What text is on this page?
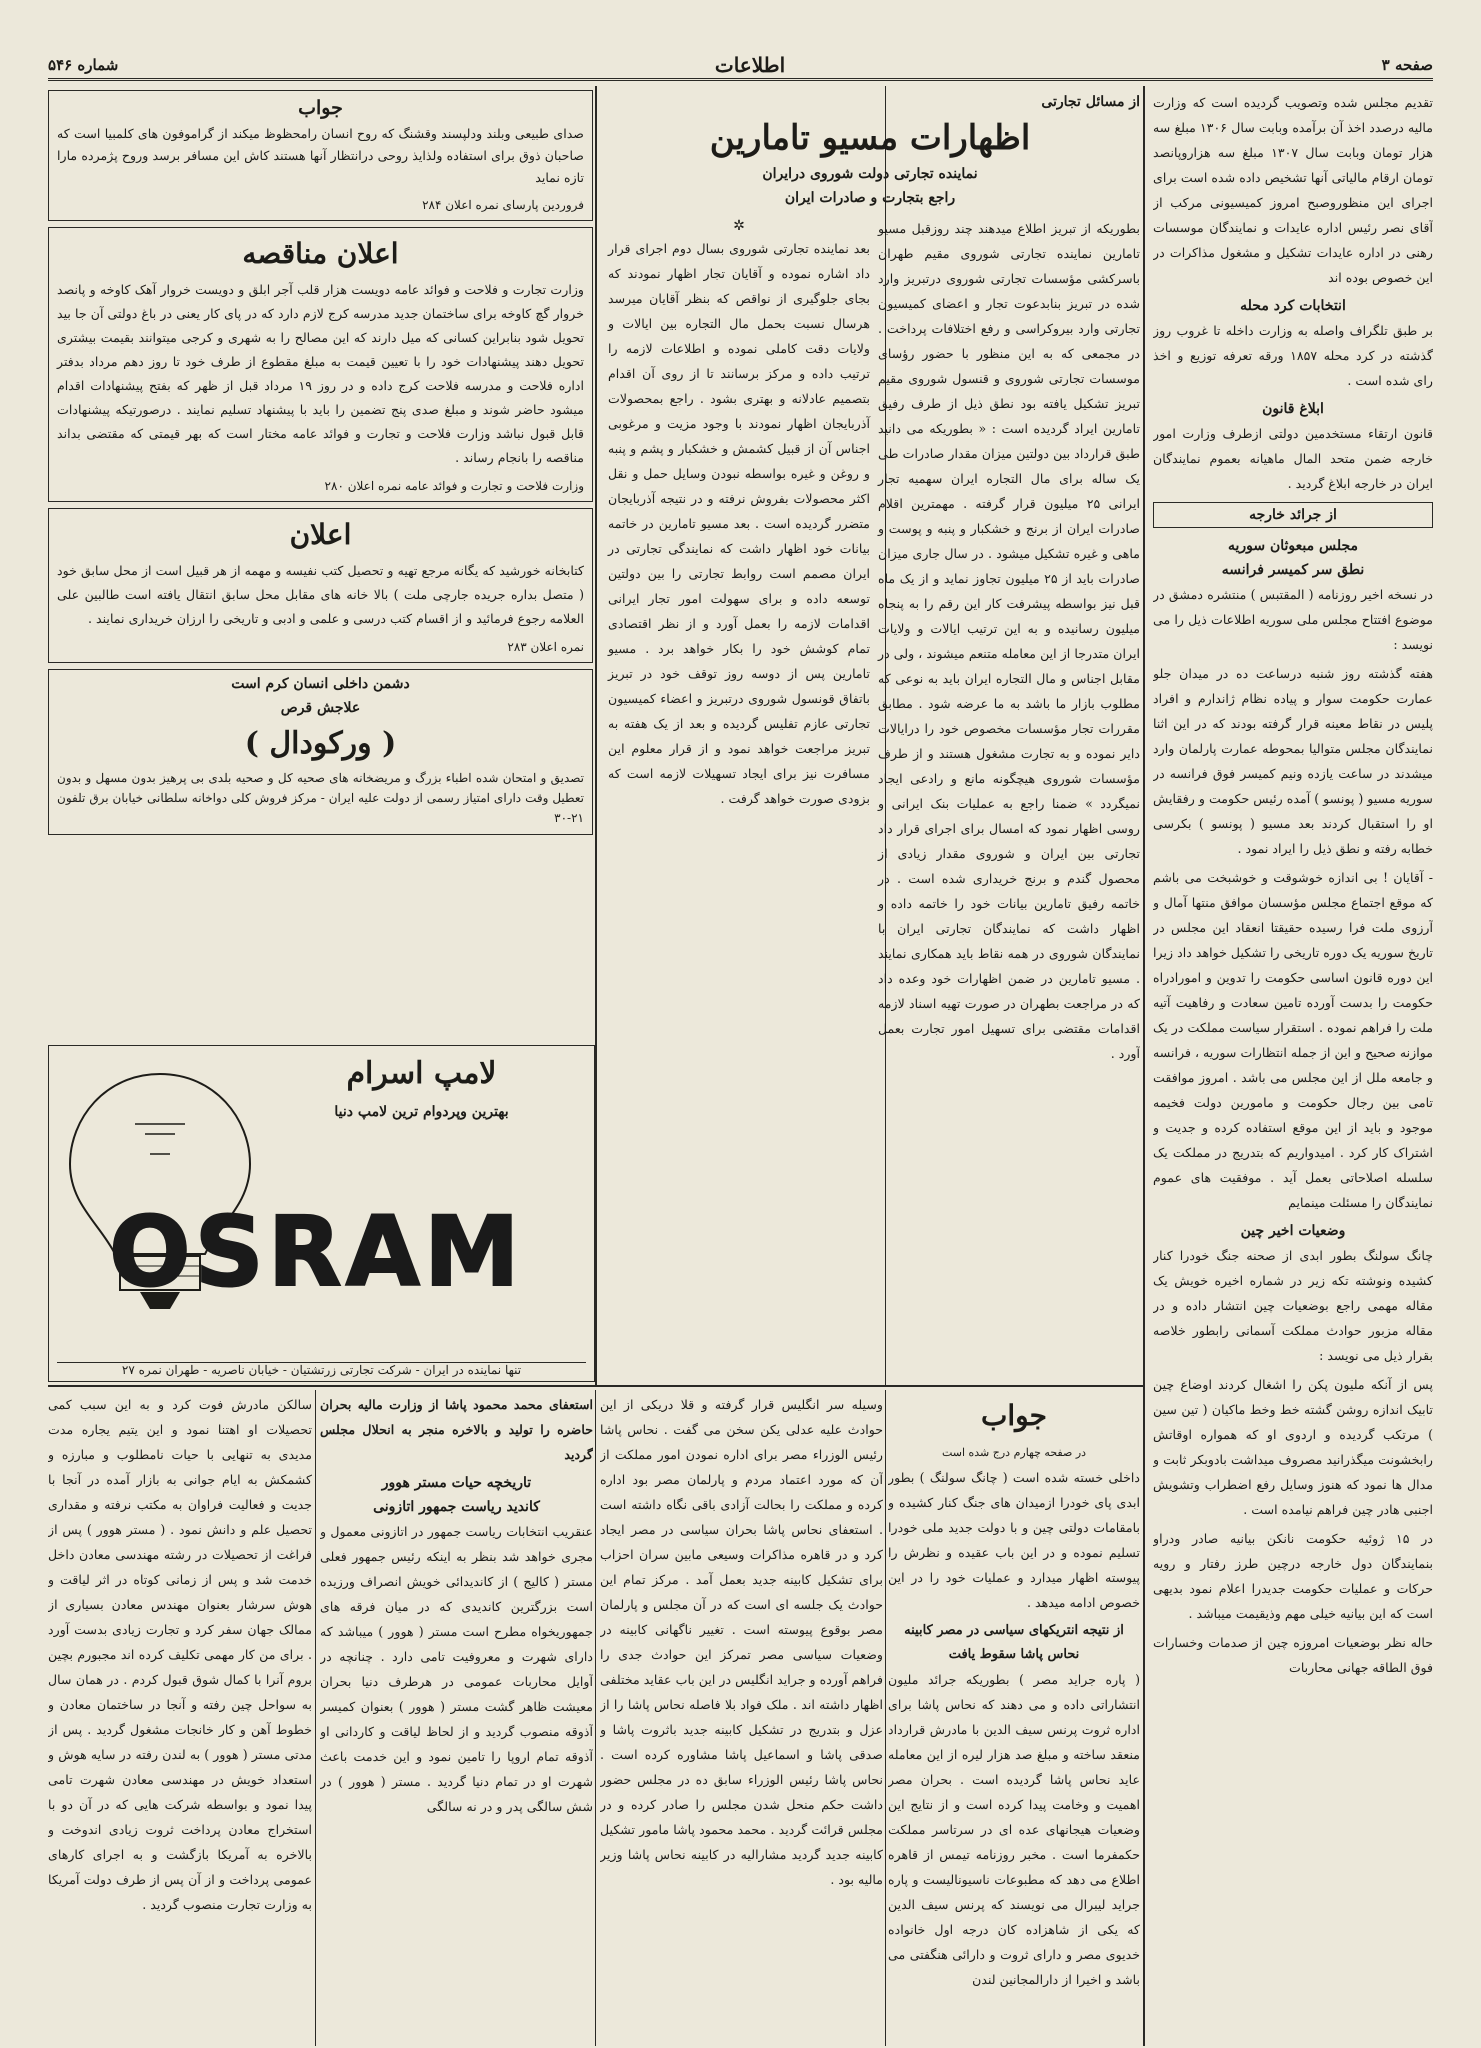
صفحه ۳
اطلاعات
شماره ۵۴۶

تقدیم مجلس شده وتصویب گردیده است که وزارت مالیه درصدد اخذ آن برآمده وبابت سال ۱۳۰۶ مبلغ سه هزار تومان وبابت سال ۱۳۰۷ مبلغ سه هزاروپانصد تومان ارقام مالیاتی آنها تشخیص داده شده است برای اجرای این منظوروصبح امروز کمیسیونی مرکب از آقای نصر رئیس اداره عایدات و نمایندگان موسسات رهنی در اداره عایدات تشکیل و مشغول مذاکرات در این خصوص بوده اند

انتخابات کرد محله

بر طبق تلگراف واصله به وزارت داخله تا غروب روز گذشته در کرد محله ۱۸۵۷ ورقه تعرفه توزیع و اخذ رای شده است .

ابلاغ قانون

قانون ارتقاء مستخدمین دولتی ازطرف وزارت امور خارجه ضمن متحد المال ماهیانه بعموم نمایندگان ایران در خارجه ابلاغ گردید .

از جرائد خارجه
مجلس مبعوثان سوریه
نطق سر کمیسر فرانسه

در نسخه اخیر روزنامه ( المقتبس ) منتشره دمشق در موضوع افتتاح مجلس ملی سوریه اطلاعات ذیل را می نویسد :

هفته گذشته روز شنبه درساعت ده در میدان جلو عمارت حکومت سوار و پیاده نظام ژاندارم و افراد پلیس در نقاط معینه قرار گرفته بودند که در این اثنا نمایندگان مجلس متوالیا بمحوطه عمارت پارلمان وارد میشدند در ساعت یازده ونیم کمیسر فوق فرانسه در سوریه مسیو ( پونسو ) آمده رئیس حکومت و رفقایش او را استقبال کردند بعد مسیو ( پونسو ) بکرسی خطابه رفته و نطق ذیل را ایراد نمود .

- آقایان ! بی اندازه خوشوقت و خوشبخت می باشم که موقع اجتماع مجلس مؤسسان موافق منتها آمال و آرزوی ملت فرا رسیده حقیقتا انعقاد این مجلس در تاریخ سوریه یک دوره تاریخی را تشکیل خواهد داد زیرا این دوره قانون اساسی حکومت را تدوین و امورادراه حکومت را بدست آورده تامین سعادت و رفاهیت آتیه ملت را فراهم نموده . استقرار سیاست مملکت در یک موازنه صحیح و این از جمله انتظارات سوریه ، فرانسه و جامعه ملل از این مجلس می باشد . امروز موافقت تامی بین رجال حکومت و مامورین دولت فخیمه موجود و باید از این موقع استفاده کرده و جدیت و اشتراک کار کرد . امیدواریم که بتدریج در مملکت یک سلسله اصلاحاتی بعمل آید . موفقیت های عموم نمایندگان را مسئلت مینمایم

وضعیات اخیر چین

چانگ سولنگ بطور ابدی از صحنه جنگ خودرا کنار کشیده ونوشته تکه زیر در شماره اخیره خویش یک مقاله مهمی راجع بوضعیات چین انتشار داده و در مقاله مزبور حوادث مملکت آسمانی رابطور خلاصه بقرار ذیل می نویسد :

پس از آنکه ملیون پکن را اشغال کردند اوضاع چین تابیک اندازه روشن گشته خط وخط ماکیان ( تین سین ) مرتکب گردیده و اردوی او که همواره اوقاتش رابخشونت میگذرانید مصروف میداشت بادوبکر ثابت و مدال ها نمود که هنوز وسایل رفع اضطراب وتشویش اجنبی هادر چین فراهم نیامده است .

در ۱۵ ژوئیه حکومت نانکن بیانیه صادر ودراو بنمایندگان دول خارجه درچین طرز رفتار و رویه حرکات و عملیات حکومت جدیدرا اعلام نمود بدیهی است که این بیانیه خیلی مهم وذیقیمت میباشد .

حاله نظر بوضعیات امروزه چین از صدمات وخسارات فوق الطاقه جهانی محاربات

از مسائل تجارتی
اظهارات مسیو تامارین
نماینده تجارتی دولت شوروی درایران
راجع بتجارت و صادرات ایران

بطوریکه از تبریز اطلاع میدهند چند روزقبل مسیو تامارین نماینده تجارتی شوروی مقیم طهران باسرکشی مؤسسات تجارتی شوروی درتبریز وارد شده در تبریز بنابدعوت تجار و اعضای کمیسیون تجارتی وارد بیروکراسی و رفع اختلافات پرداخت . در مجمعی که به این منظور با حضور رؤسای موسسات تجارتی شوروی و قنسول شوروی مقیم تبریز تشکیل یافته بود نطق ذیل از طرف رفیق تامارین ایراد گردیده است : « بطوریکه می دانید طبق قرارداد بین دولتین میزان مقدار صادرات طی یک ساله برای مال التجاره ایران سهمیه تجار ایرانی ۲۵ میلیون قرار گرفته . مهمترین اقلام صادرات ایران از برنج و خشکبار و پنبه و پوست و ماهی و غیره تشکیل میشود . در سال جاری میزان صادرات باید از ۲۵ میلیون تجاوز نماید و از یک ماه قبل نیز بواسطه پیشرفت کار این رقم را به پنجاه میلیون رسانیده و به این ترتیب ایالات و ولایات ایران متدرجا از این معامله متنعم میشوند ، ولی در مقابل اجناس و مال التجاره ایران باید به نوعی که مطلوب بازار ما باشد به ما عرضه شود . مطابق مقررات تجار مؤسسات مخصوص خود را درایالات دایر نموده و به تجارت مشغول هستند و از طرف مؤسسات شوروی هیچگونه مانع و رادعی ایجاد نمیگردد » ضمنا راجع به عملیات بنک ایرانی و روسی اظهار نمود که امسال برای اجرای قرار داد تجارتی بین ایران و شوروی مقدار زیادی از محصول گندم و برنج خریداری شده است . در خاتمه رفیق تامارین بیانات خود را خاتمه داده و اظهار داشت که نمایندگان تجارتی ایران با نمایندگان شوروی در همه نقاط باید همکاری نمایند . مسیو تامارین در ضمن اظهارات خود وعده داد که در مراجعت بطهران در صورت تهیه اسناد لازمه اقدامات مقتضی برای تسهیل امور تجارت بعمل آورد .

✲

بعد نماینده تجارتی شوروی بسال دوم اجرای قرار داد اشاره نموده و آقایان تجار اظهار نمودند که بجای جلوگیری از نواقص که بنظر آقایان میرسد هرسال نسبت بحمل مال التجاره بین ایالات و ولایات دقت کاملی نموده و اطلاعات لازمه را ترتیب داده و مرکز برسانند تا از روی آن اقدام بتصمیم عادلانه و بهتری بشود . راجع بمحصولات آذربایجان اظهار نمودند با وجود مزیت و مرغوبی اجناس آن از قبیل کشمش و خشکبار و پشم و پنبه و روغن و غیره بواسطه نبودن وسایل حمل و نقل اکثر محصولات بفروش نرفته و در نتیجه آذربایجان متضرر گردیده است . بعد مسیو تامارین در خاتمه بیانات خود اظهار داشت که نمایندگی تجارتی در ایران مصمم است روابط تجارتی را بین دولتین توسعه داده و برای سهولت امور تجار ایرانی اقدامات لازمه را بعمل آورد و از نظر اقتصادی تمام کوشش خود را بکار خواهد برد . مسیو تامارین پس از دوسه روز توقف خود در تبریز باتفاق قونسول شوروی درتبریز و اعضاء کمیسیون تجارتی عازم تفلیس گردیده و بعد از یک هفته به تبریز مراجعت خواهد نمود و از قرار معلوم این مسافرت نیز برای ایجاد تسهیلات لازمه است که بزودی صورت خواهد گرفت .

جواب

صدای طبیعی وبلند ودلپسند وقشنگ که روح انسان رامحظوظ میکند از گراموفون های کلمبیا است که صاحبان ذوق برای استفاده ولذایذ روحی درانتظار آنها هستند کاش این مسافر برسد وروح پژمرده مارا تازه نماید

فروردین پارسای نمره اعلان ۲۸۴
اعلان مناقصه

وزارت تجارت و فلاحت و فوائد عامه دویست هزار قلب آجر ابلق و دویست خروار آهک کاوخه و پانصد خروار گچ کاوخه برای ساختمان جدید مدرسه کرج لازم دارد که در پای کار یعنی در باغ دولتی آن جا بید تحویل شود بنابراین کسانی که میل دارند که این مصالح را به شهری و کرجی میتوانند بقیمت بیشتری تحویل دهند پیشنهادات خود را با تعیین قیمت به مبلغ مقطوع از طرف خود تا روز دهم مرداد بدفتر اداره فلاحت و مدرسه فلاحت کرج داده و در روز ۱۹ مرداد قبل از ظهر که بفتح پیشنهادات اقدام میشود حاضر شوند و مبلغ صدی پنج تضمین را باید با پیشنهاد تسلیم نمایند . درصورتیکه پیشنهادات قابل قبول نباشد وزارت فلاحت و تجارت و فوائد عامه مختار است که بهر قیمتی که مقتضی بداند مناقصه را بانجام رساند .

وزارت فلاحت و تجارت و فوائد عامه نمره اعلان ۲۸۰
اعلان

کتابخانه خورشید که یگانه مرجع تهیه و تحصیل کتب نفیسه و مهمه از هر قبیل است از محل سابق خود ( متصل بداره جریده جارچی ملت ) بالا خانه های مقابل محل سابق انتقال یافته است طالبین علی العلامه رجوع فرمائید و از اقسام کتب درسی و علمی و ادبی و تاریخی را ارزان خریداری نمایند .

نمره اعلان ۲۸۳
دشمن داخلی انسان کرم است
علاجش قرص
( ورکودال )

تصدیق و امتحان شده اطباء بزرگ و مریضخانه های صحیه کل و صحیه بلدی بی پرهیز بدون مسهل و بدون تعطیل وقت دارای امتیاز رسمی از دولت علیه ایران - مرکز فروش کلی دواخانه سلطانی خیابان برق تلفون ۲۱-۳۰

لامپ اسرام
بهترین وپردوام ترین لامپ دنیا
OSRAM
تنها نماینده در ایران - شرکت تجارتی زرتشتیان - خیابان ناصریه - طهران نمره ۲۷

وسیله سر انگلیس قرار گرفته و قلا دریکی از این حوادث علیه عدلی یکن سخن می گفت . نحاس پاشا رئیس الوزراء مصر برای اداره نمودن امور مملکت از آن که مورد اعتماد مردم و پارلمان مصر بود اداره کرده و مملکت را بحالت آزادی باقی نگاه داشته است . استعفای نحاس پاشا بحران سیاسی در مصر ایجاد کرد و در قاهره مذاکرات وسیعی مابین سران احزاب برای تشکیل کابینه جدید بعمل آمد . مرکز تمام این حوادث یک جلسه ای است که در آن مجلس و پارلمان مصر بوقوع پیوسته است . تغییر ناگهانی کابینه در وضعیات سیاسی مصر تمرکز این حوادث جدی را فراهم آورده و جراید انگلیس در این باب عقاید مختلفی اظهار داشته اند . ملک فواد بلا فاصله نحاس پاشا را از عزل و بتدریج در تشکیل کابینه جدید باثروت پاشا و صدقی پاشا و اسماعیل پاشا مشاوره کرده است . نحاس پاشا رئیس الوزراء سابق ده در مجلس حضور داشت حکم منحل شدن مجلس را صادر کرده و در مجلس قرائت گردید . محمد محمود پاشا مامور تشکیل کابینه جدید گردید مشارالیه در کابینه نحاس پاشا وزیر مالیه بود .

جواب
در صفحه چهارم درج شده است

داخلی خسته شده است ( چانگ سولنگ ) بطور ابدی پای خودرا ازمیدان های جنگ کنار کشیده و بامقامات دولتی چین و با دولت جدید ملی خودرا تسلیم نموده و در این باب عقیده و نظرش را پیوسته اظهار میدارد و عملیات خود را در این خصوص ادامه میدهد .

از نتیجه انتریکهای سیاسی در مصر کابینه نحاس پاشا سقوط یافت

( پاره جراید مصر ) بطوریکه جرائد ملیون انتشاراتی داده و می دهند که نحاس پاشا برای اداره ثروت پرنس سیف الدین با مادرش قرارداد منعقد ساخته و مبلغ صد هزار لیره از این معامله عاید نحاس پاشا گردیده است . بحران مصر اهمیت و وخامت پیدا کرده است و از نتایج این وضعیات هیجانهای عده ای در سرتاسر مملکت حکمفرما است . مخبر روزنامه تیمس از قاهره اطلاع می دهد که مطبوعات ناسیونالیست و پاره جراید لیبرال می نویسند که پرنس سیف الدین که یکی از شاهزاده کان درجه اول خانواده خدیوی مصر و دارای ثروت و دارائی هنگفتی می باشد و اخیرا از دارالمجانین لندن

استعفای محمد محمود پاشا از وزارت مالیه بحران حاضره را تولید و بالاخره منجر به انحلال مجلس گردید

تاریخچه حیات مستر هوور
کاندید ریاست جمهور اتازونی

عنقریب انتخابات ریاست جمهور در اتازونی معمول و مجری خواهد شد بنظر به اینکه رئیس جمهور فعلی مستر ( کالیج ) از کاندیدائی خویش انصراف ورزیده است بزرگترین کاندیدی که در میان فرقه های جمهوریخواه مطرح است مستر ( هوور ) میباشد که دارای شهرت و معروفیت تامی دارد . چنانچه در آوایل محاربات عمومی در هرطرف دنیا بحران معیشت ظاهر گشت مستر ( هوور ) بعنوان کمیسر آذوقه منصوب گردید و از لحاظ لیاقت و کاردانی او آذوقه تمام اروپا را تامین نمود و این خدمت باعث شهرت او در تمام دنیا گردید . مستر ( هوور ) در شش سالگی پدر و در نه سالگی

سالکن مادرش فوت کرد و به این سبب کمی تحصیلات او اهتنا نمود و این یتیم یجاره مدت مدیدی به تنهایی با حیات نامطلوب و مبارزه و کشمکش به ایام جوانی به بازار آمده در آنجا با جدیت و فعالیت فراوان به مکتب نرفته و مقداری تحصیل علم و دانش نمود . ( مستر هوور ) پس از فراغت از تحصیلات در رشته مهندسی معادن داخل خدمت شد و پس از زمانی کوتاه در اثر لیاقت و هوش سرشار بعنوان مهندس معادن بسیاری از ممالک جهان سفر کرد و تجارت زیادی بدست آورد . برای من کار مهمی تکلیف کرده اند مجبورم بچین بروم آنرا با کمال شوق قبول کردم . در همان سال به سواحل چین رفته و آنجا در ساختمان معادن و خطوط آهن و کار خانجات مشغول گردید . پس از مدتی مستر ( هوور ) به لندن رفته در سایه هوش و استعداد خویش در مهندسی معادن شهرت تامی پیدا نمود و بواسطه شرکت هایی که در آن دو با استخراج معادن پرداخت ثروت زیادی اندوخت و بالاخره به آمریکا بازگشت و به اجرای کارهای عمومی پرداخت و از آن پس از طرف دولت آمریکا به وزارت تجارت منصوب گردید .
